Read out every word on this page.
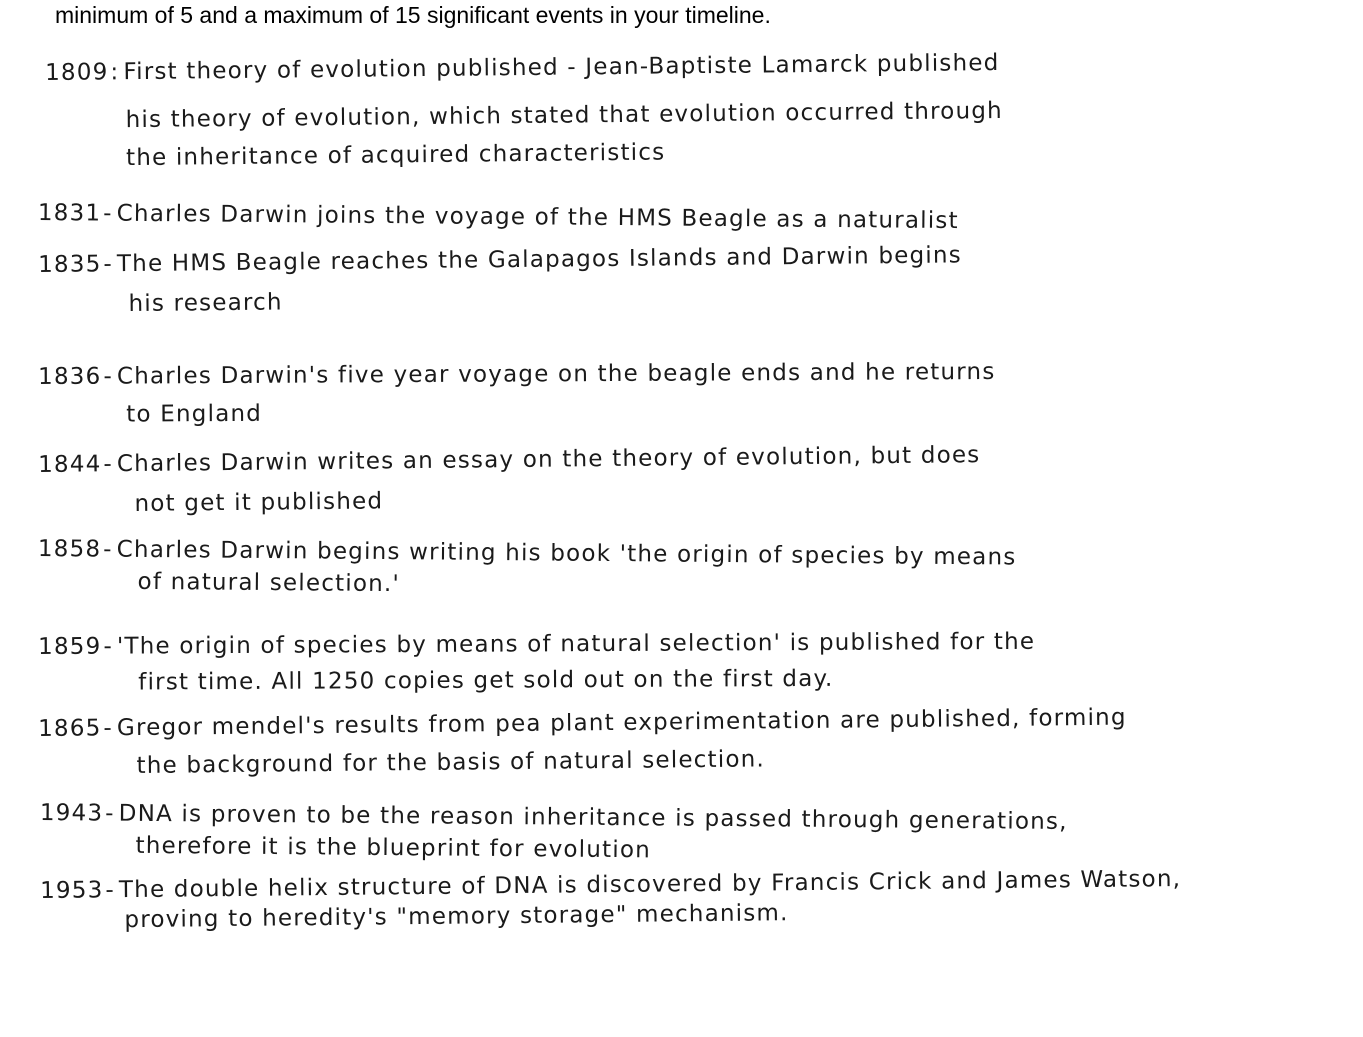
minimum of 5 and a maximum of 15 significant events in your timeline.
1809: First theory of evolution published - Jean-Baptiste Lamarck published
his theory of evolution, which stated that evolution occurred through
the inheritance of acquired characteristics
1831- Charles Darwin joins the voyage of the HMS Beagle as a naturalist
1835- The HMS Beagle reaches the Galapagos Islands and Darwin begins
his research
1836- Charles Darwin's five year voyage on the beagle ends and he returns
to England
1844- Charles Darwin writes an essay on the theory of evolution, but does
not get it published
1858- Charles Darwin begins writing his book 'the origin of species by means
of natural selection.'
1859- 'The origin of species by means of natural selection' is published for the
first time. All 1250 copies get sold out on the first day.
1865- Gregor mendel's results from pea plant experimentation are published, forming
the background for the basis of natural selection.
1943- DNA is proven to be the reason inheritance is passed through generations,
therefore it is the blueprint for evolution
1953- The double helix structure of DNA is discovered by Francis Crick and James Watson,
proving to heredity's "memory storage" mechanism.
